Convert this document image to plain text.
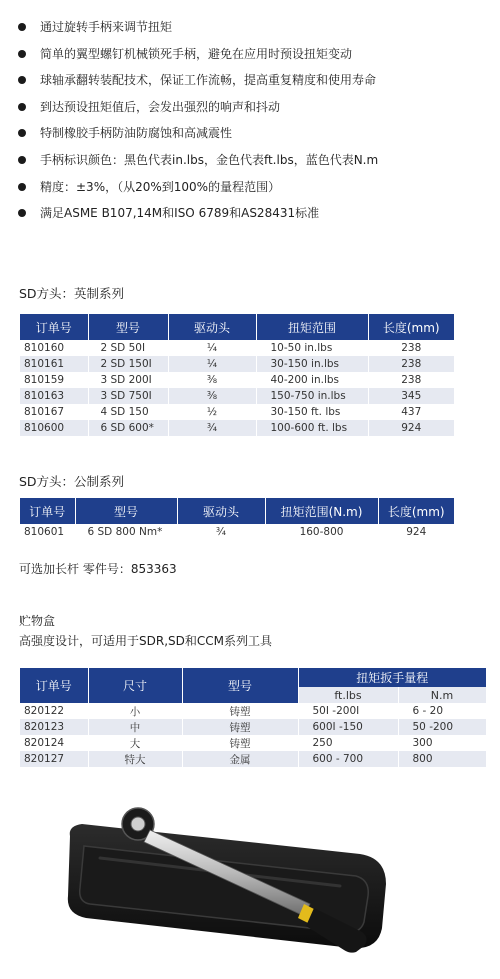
通过旋转手柄来调节扭矩
简单的翼型螺钉机械锁死手柄，避免在应用时预设扭矩变动
球轴承翻转装配技术，保证工作流畅，提高重复精度和使用寿命
到达预设扭矩值后，会发出强烈的响声和抖动
特制橡胶手柄防油防腐蚀和高减震性
手柄标识颜色：黑色代表in.lbs，金色代表ft.lbs，蓝色代表N.m
精度：±3%，（从20%到100%的量程范围）
满足ASME B107,14M和ISO 6789和AS28431标准
SD方头：英制系列
订单号	型号	驱动头	扭矩范围	长度(mm)
810160	2 SD 50I	¼	10-50 in.lbs	238
810161	2 SD 150I	¼	30-150 in.lbs	238
810159	3 SD 200I	⅜	40-200 in.lbs	238
810163	3 SD 750I	⅜	150-750 in.lbs	345
810167	4 SD 150	½	30-150 ft. lbs	437
810600	6 SD 600*	¾	100-600 ft. lbs	924
SD方头：公制系列
订单号	型号	驱动头	扭矩范围(N.m)	长度(mm)
810601	6 SD 800 Nm*	¾	160-800	924
可选加长杆 零件号：853363
贮物盒
高强度设计，可适用于SDR,SD和CCM系列工具
订单号	尺寸	型号	扭矩扳手量程	
			ft.lbs	N.m
820122	小	铸塑	50I -200I	6 - 20
820123	中	铸塑	600I -150	50 -200
820124	大	铸塑	250	300
820127	特大	金属	600 - 700	800
